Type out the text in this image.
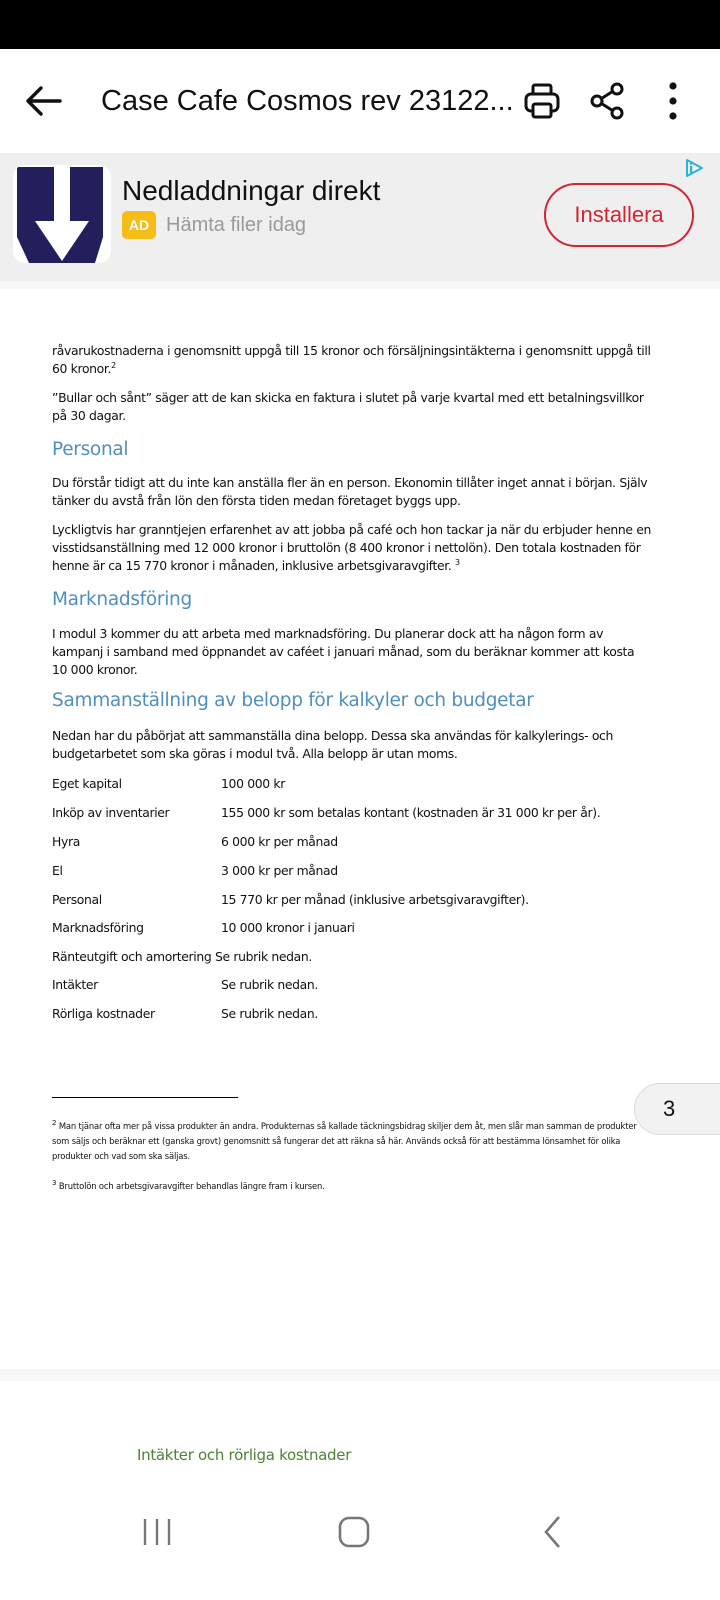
Case Cafe Cosmos rev 23122...
Nedladdningar direkt
AD Hämta filer idag	Installera

råvarukostnaderna i genomsnitt uppgå till 15 kronor och försäljningsintäkterna i genomsnitt uppgå till 60 kronor.$^2$

”Bullar och sånt” säger att de kan skicka en faktura i slutet på varje kvartal med ett betalningsvillkor på 30 dagar.

Personal

Du förstår tidigt att du inte kan anställa fler än en person. Ekonomin tillåter inget annat i början. Själv tänker du avstå från lön den första tiden medan företaget byggs upp.

Lyckligtvis har granntjejen erfarenhet av att jobba på café och hon tackar ja när du erbjuder henne en visstidsanställning med 12 000 kronor i bruttolön (8 400 kronor i nettolön). Den totala kostnaden för henne är ca 15 770 kronor i månaden, inklusive arbetsgivaravgifter. $^3$

Marknadsföring

I modul 3 kommer du att arbeta med marknadsföring. Du planerar dock att ha någon form av kampanj i samband med öppnandet av caféet i januari månad, som du beräknar kommer att kosta 10 000 kronor.

Sammanställning av belopp för kalkyler och budgetar

Nedan har du påbörjat att sammanställa dina belopp. Dessa ska användas för kalkylerings- och budgetarbetet som ska göras i modul två. Alla belopp är utan moms.

Eget kapital	100 000 kr
Inköp av inventarier	155 000 kr som betalas kontant (kostnaden är 31 000 kr per år).
Hyra	6 000 kr per månad
El	3 000 kr per månad
Personal	15 770 kr per månad (inklusive arbetsgivaravgifter).
Marknadsföring	10 000 kronor i januari
Ränteutgift och amortering Se rubrik nedan.
Intäkter	Se rubrik nedan.
Rörliga kostnader	Se rubrik nedan.
$^2$ Man tjänar ofta mer på vissa produkter än andra. Produkternas så kallade täckningsbidrag skiljer dem åt, men slår man samman de produkter som säljs och beräknar ett (ganska grovt) genomsnitt så fungerar det att räkna så här. Används också för att bestämma lönsamhet för olika produkter och vad som ska säljas.
$^3$ Bruttolön och arbetsgivaravgifter behandlas längre fram i kursen.
3
Intäkter och rörliga kostnader
